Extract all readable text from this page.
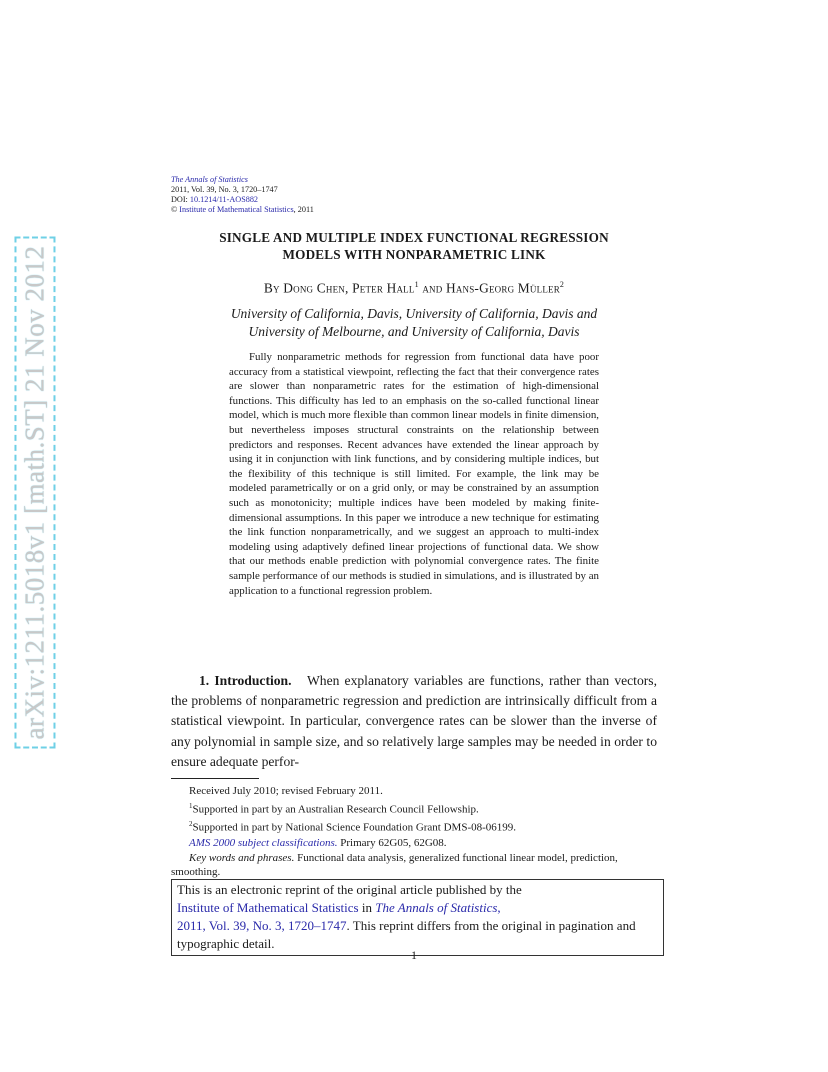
arXiv:1211.5018v1 [math.ST] 21 Nov 2012
The Annals of Statistics
2011, Vol. 39, No. 3, 1720–1747
DOI: 10.1214/11-AOS882
© Institute of Mathematical Statistics, 2011
SINGLE AND MULTIPLE INDEX FUNCTIONAL REGRESSION
MODELS WITH NONPARAMETRIC LINK
By Dong Chen, Peter Hall$^1$ and Hans-Georg Müller$^2$
University of California, Davis, University of California, Davis and
University of Melbourne, and University of California, Davis
Fully nonparametric methods for regression from functional data have poor accuracy from a statistical viewpoint, reflecting the fact that their convergence rates are slower than nonparametric rates for the estimation of high-dimensional functions. This difficulty has led to an emphasis on the so-called functional linear model, which is much more flexible than common linear models in finite dimension, but nevertheless imposes structural constraints on the relationship between predictors and responses. Recent advances have extended the linear approach by using it in conjunction with link functions, and by considering multiple indices, but the flexibility of this technique is still limited. For example, the link may be modeled parametrically or on a grid only, or may be constrained by an assumption such as monotonicity; multiple indices have been modeled by making finite-dimensional assumptions. In this paper we introduce a new technique for estimating the link function nonparametrically, and we suggest an approach to multi-index modeling using adaptively defined linear projections of functional data. We show that our methods enable prediction with polynomial convergence rates. The finite sample performance of our methods is studied in simulations, and is illustrated by an application to a functional regression problem.
1. Introduction. When explanatory variables are functions, rather than vectors, the problems of nonparametric regression and prediction are intrinsically difficult from a statistical viewpoint. In particular, convergence rates can be slower than the inverse of any polynomial in sample size, and so relatively large samples may be needed in order to ensure adequate perfor-
Received July 2010; revised February 2011.
$^1$Supported in part by an Australian Research Council Fellowship.
$^2$Supported in part by National Science Foundation Grant DMS-08-06199.
AMS 2000 subject classifications. Primary 62G05, 62G08.
Key words and phrases. Functional data analysis, generalized functional linear model, prediction, smoothing.
This is an electronic reprint of the original article published by the
Institute of Mathematical Statistics in The Annals of Statistics,
2011, Vol. 39, No. 3, 1720–1747. This reprint differs from the original in pagination and typographic detail.
1
